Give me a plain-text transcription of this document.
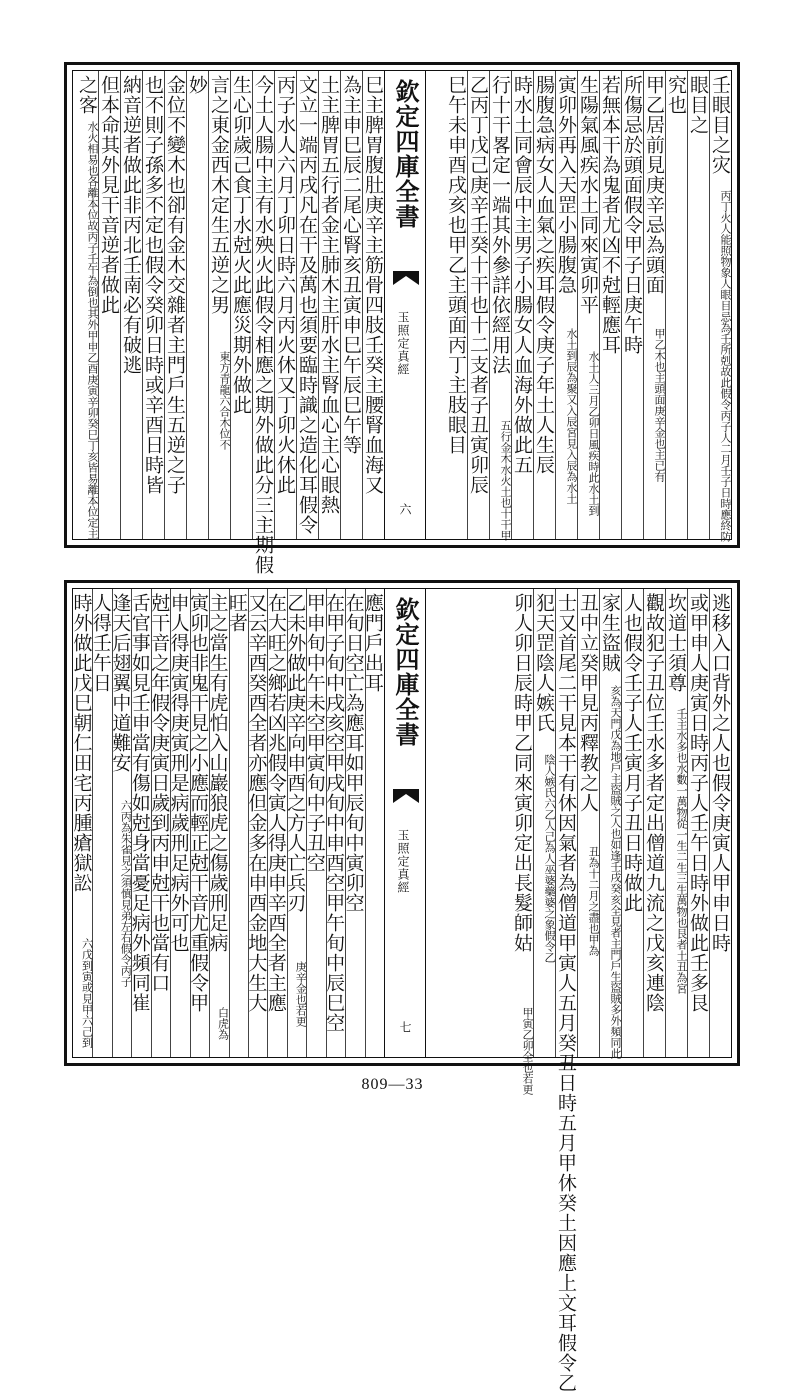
壬眼目之灾
丙丁火人能照物象人眼目忌為壬所剋故此假令丙子人二月壬子日時應終防
眼目之
究也
甲乙居前見庚辛忌為頭面
甲乙木也主頭面庚辛金也主已有
所傷忌於頭面假令甲子日庚午時
若無本干為鬼者尤凶不尅輕應耳
生陽氣風疾水土同來寅卯平
水土人三月乙卯日風疾時此水土到
寅卯外再入天罡小腸腹急
水土到辰為聚又入辰宮見入辰為水土
腸腹急病女人血氣之疾耳假令庚子年土人生辰
時水土同會辰中主男子小腸女人血海外做此五
行十干畧定一端其外參詳依經用法
五行金木水火土也十干甲
乙丙丁戊己庚辛壬癸十干也十二支者子丑寅卯辰
巳午未申酉戌亥也甲乙主頭面丙丁主肢眼目
欽定四庫全書
玉照定真經
六
巳主脾胃腹肚庚辛主筋骨四肢壬癸主腰腎血海又
為主申巳辰二尾心腎亥丑寅申巳午辰巳午等
土主脾胃五行者金主肺木主肝水主腎血心主心眼熱
文立一端丙戌凡在干及萬也須要臨時識之造化耳假令
丙子水人六月丁卯日時六月丙火休又丁卯火休此
今土人腸中主有水殃火此假令相應之期外做此分三主期假
生心卯歲己食丁水尅火此應災期外做此
言之東金西木定生五逆之男
東方青龍六合木位不
妙
金位不變木也卻有金木交雜者主門戶生五逆之子
也不則子孫多不定也假令癸卯日時或辛酉日時皆
納音逆者做此非丙北壬南必有破逃
但本命其外見干音逆者做此
之客
水火相易也各離本位故丙子壬午為倒也其外甲申乙酉庚寅辛卯癸巳丁亥皆易離本位定主
逃移入口背外之人也假令庚寅人甲申日時
或甲申人庚寅日時丙子人壬午日時外做此壬多艮
坎道士須尊
壬主水多也水數一萬物從一生二生三生萬物也艮者土丑為宮
觀故犯子丑位壬水多者定出僧道九流之戊亥連陰
人也假令壬子人壬寅月子丑日時做此
家生盜賊
亥為天門戊為地戶主盜賊之人也如逢壬戌癸亥全見者主門戶生盜賊多外頻同此
丑中立癸甲見丙釋教之人
丑為十二月之盡也甲為
士又首尾二干見本干有休因氣者為僧道甲寅人五月癸丑日時五月甲休癸土因應上文耳假令乙
犯天罡陰人嫉氏
陰人嫉氏六乙人己為人巫婆藥婆之象假令乙
卯人卯日辰時甲乙同來寅卯定出長髮師姑
甲寅乙卯全也若更
欽定四庫全書
玉照定真經
七
應門戶出耳
在旬日空亡為應耳如甲辰旬中寅卯空
在甲子旬中戌亥空甲戌旬中申酉空甲午旬中辰巳空
甲申旬中午未空甲寅旬中子丑空
乙未外做此庚辛向申酉之方人亡兵刃
庚辛金也若更
在大旺之鄉若凶兆假令寅人得庚申辛酉全者主應
又云辛酉癸酉全者亦應但金多在申酉金地大生大
旺者
主之當生有虎怕入山巖狼虎之傷歲刑足病
白虎為
寅卯也非鬼干見之小應而輕正尅干音尤重假令甲
申人得庚寅得庚寅刑是病歲刑足病外可也
尅干音之年假令庚寅日歲到丙申尅干也當有口
舌官事如見壬申當有傷如尅身當憂足病外頻同崔
逢天后翅翼中道難安
六丙為朱雀見之須慎見弟左右假令丙子
人得壬午日
時外做此戊巳朝仁田宅丙腫瘡獄訟
六戊到寅或見甲六己到
809—33
